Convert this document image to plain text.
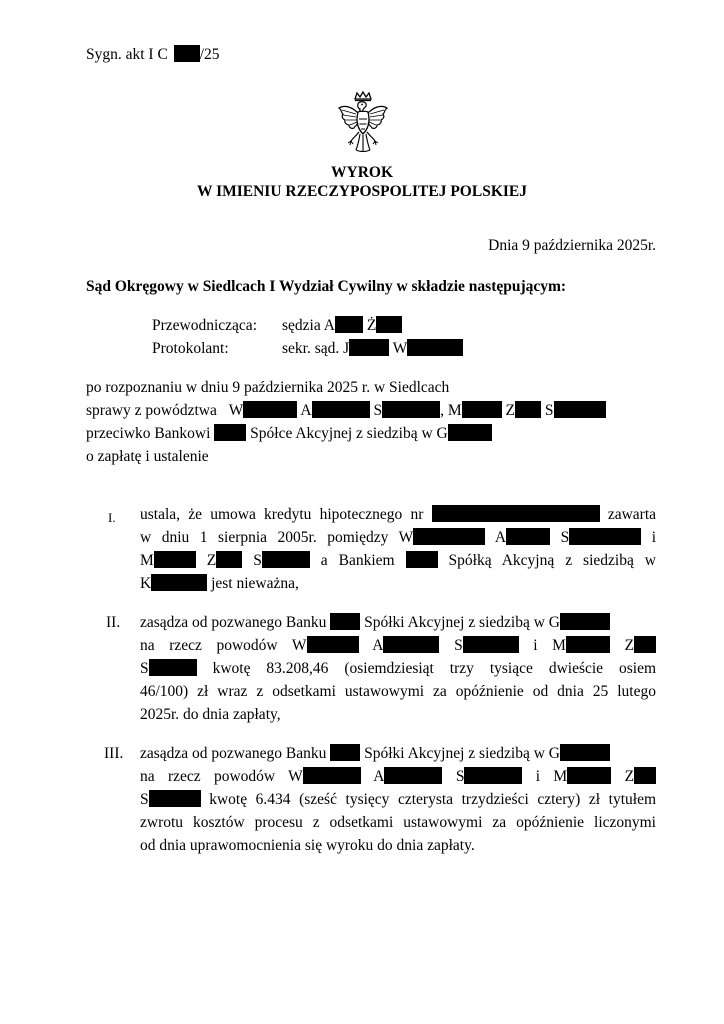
Sygn. akt I C /25
WYROK
W IMIENIU RZECZYPOSPOLITEJ POLSKIEJ
Dnia 9 października 2025r.
Sąd Okręgowy w Siedlcach I Wydział Cywilny w składzie następującym:
Przewodnicząca: sędzia A Ż
Protokolant:	sekr. sąd. J	W
po rozpoznaniu w dniu 9 października 2025 r. w Siedlcach
sprawy z powództwa W	A	S	, M	Z S
przeciwko Bankowi	Spółce Akcyjnej z siedzibą w G
o zapłatę i ustalenie
I. ustala, że umowa kredytu hipotecznego nr	zawarta
w dniu 1 sierpnia 2005r. pomiędzy W	A	S	i
M	Z S	a Bankiem	Spółką Akcyjną z siedzibą w
K	jest nieważna,
II. zasądza od pozwanego Banku Spółki Akcyjnej z siedzibą w G
na rzecz powodów W	A	S	i M	Z
S	kwotę 83.208,46 (osiemdziesiąt trzy tysiące dwieście osiem
46/100) zł wraz z odsetkami ustawowymi za opóźnienie od dnia 25 lutego
2025r. do dnia zapłaty,
III. zasądza od pozwanego Banku Spółki Akcyjnej z siedzibą w G
na rzecz powodów W	A	S	i M	Z
S	kwotę 6.434 (sześć tysięcy czterysta trzydzieści cztery) zł tytułem
zwrotu kosztów procesu z odsetkami ustawowymi za opóźnienie liczonymi
od dnia uprawomocnienia się wyroku do dnia zapłaty.
